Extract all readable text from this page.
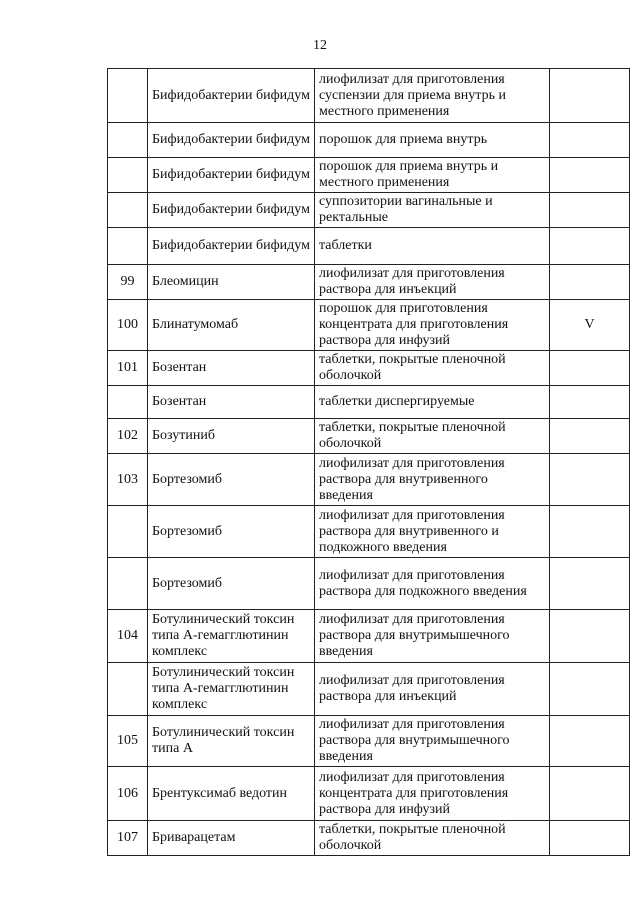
12
	Бифидобактерии бифидум	лиофилизат для приготовления суспензии для приема внутрь и местного применения	
	Бифидобактерии бифидум	порошок для приема внутрь	
	Бифидобактерии бифидум	порошок для приема внутрь и местного применения	
	Бифидобактерии бифидум	суппозитории вагинальные и ректальные	
	Бифидобактерии бифидум	таблетки	
99	Блеомицин	лиофилизат для приготовления раствора для инъекций	
100	Блинатумомаб	порошок для приготовления концентрата для приготовления раствора для инфузий	V
101	Бозентан	таблетки, покрытые пленочной оболочкой	
	Бозентан	таблетки диспергируемые	
102	Бозутиниб	таблетки, покрытые пленочной оболочкой	
103	Бортезомиб	лиофилизат для приготовления раствора для внутривенного введения	
	Бортезомиб	лиофилизат для приготовления раствора для внутривенного и подкожного введения	
	Бортезомиб	лиофилизат для приготовления раствора для подкожного введения	
104	Ботулинический токсин типа А-гемагглютинин комплекс	лиофилизат для приготовления раствора для внутримышечного введения	
	Ботулинический токсин типа А-гемагглютинин комплекс	лиофилизат для приготовления раствора для инъекций	
105	Ботулинический токсин типа А	лиофилизат для приготовления раствора для внутримышечного введения	
106	Брентуксимаб ведотин	лиофилизат для приготовления концентрата для приготовления раствора для инфузий	
107	Бриварацетам	таблетки, покрытые пленочной оболочкой	
